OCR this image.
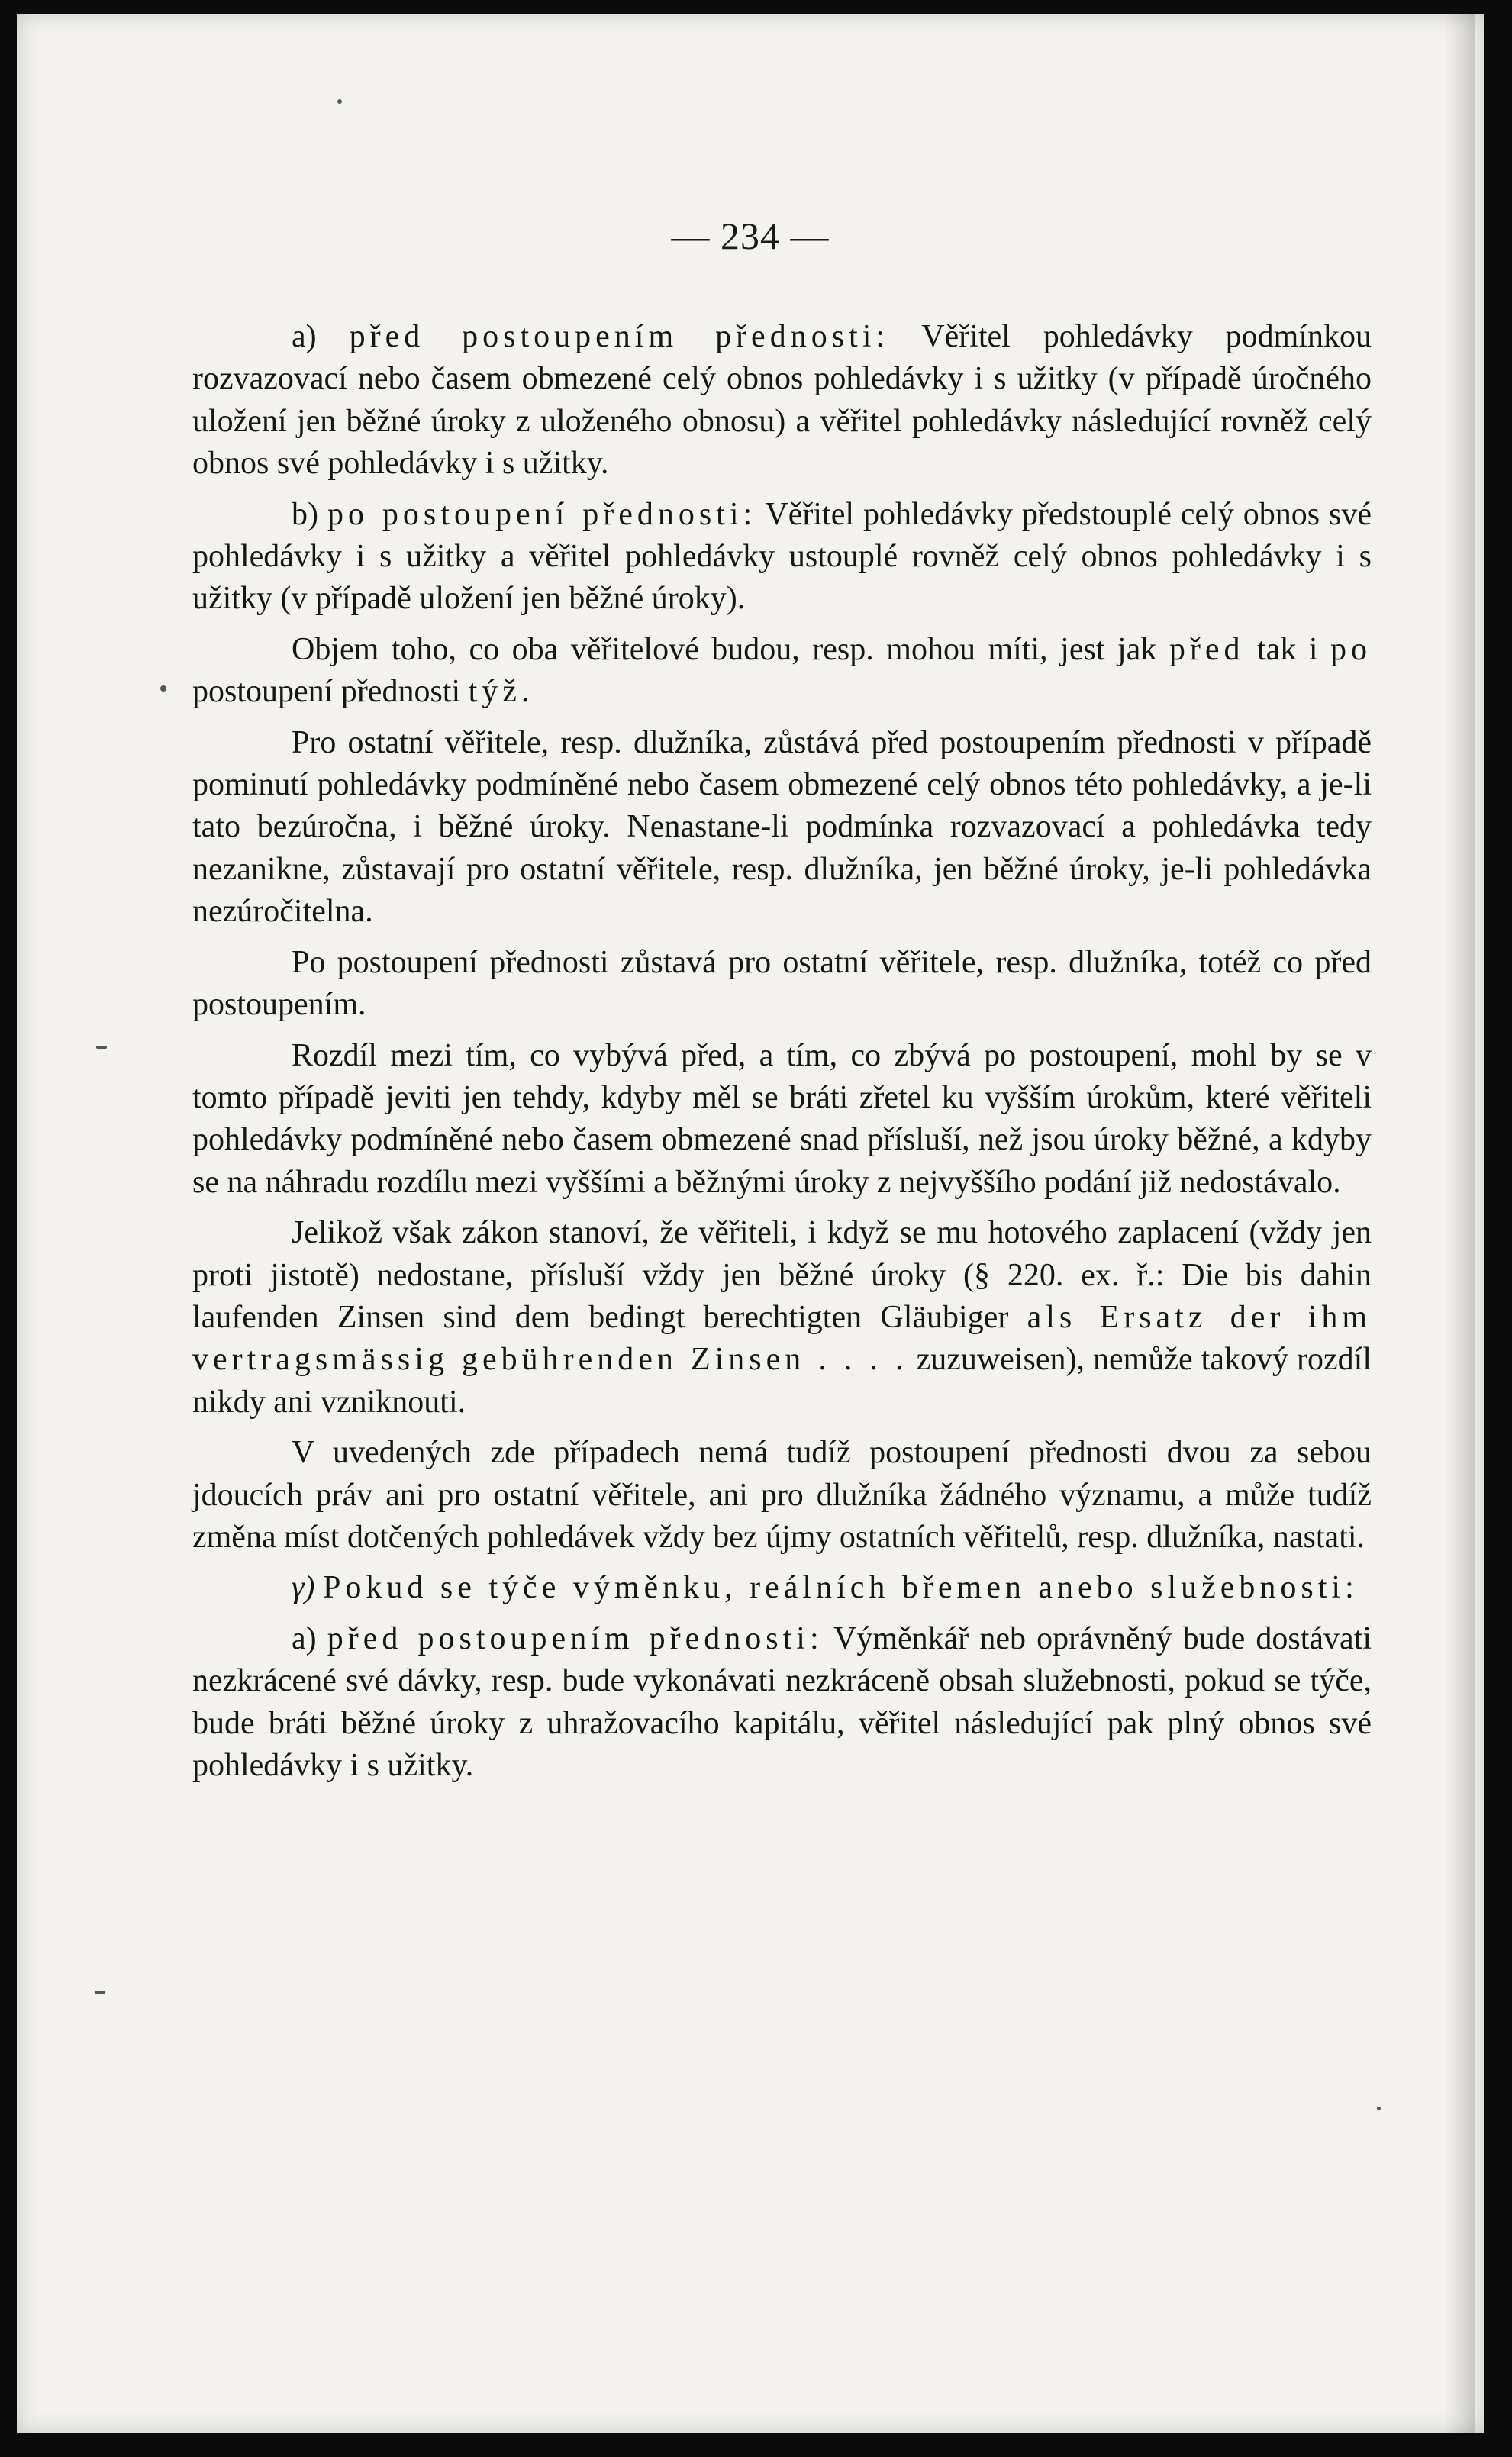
— 234 —

a) před postoupením přednosti: Věřitel pohledávky podmínkou rozvazovací nebo časem obmezené celý obnos pohledávky i s užitky (v případě úročného uložení jen běžné úroky z uloženého obnosu) a věřitel pohledávky následující rovněž celý obnos své pohledávky i s užitky.

b) po postoupení přednosti: Věřitel pohledávky předstouplé celý obnos své pohledávky i s užitky a věřitel pohledávky ustouplé rovněž celý obnos pohledávky i s užitky (v případě uložení jen běžné úroky).

Objem toho, co oba věřitelové budou, resp. mohou míti, jest jak před tak i po postoupení přednosti týž.

Pro ostatní věřitele, resp. dlužníka, zůstává před postoupením přednosti v případě pominutí pohledávky podmíněné nebo časem obmezené celý obnos této pohledávky, a je-li tato bezúročna, i běžné úroky. Nenastane-li podmínka rozvazovací a pohledávka tedy nezanikne, zůstavají pro ostatní věřitele, resp. dlužníka, jen běžné úroky, je-li pohledávka nezúročitelna.

Po postoupení přednosti zůstavá pro ostatní věřitele, resp. dlužníka, totéž co před postoupením.

Rozdíl mezi tím, co vybývá před, a tím, co zbývá po postoupení, mohl by se v tomto případě jeviti jen tehdy, kdyby měl se bráti zřetel ku vyšším úrokům, které věřiteli pohledávky podmíněné nebo časem obmezené snad přísluší, než jsou úroky běžné, a kdyby se na náhradu rozdílu mezi vyššími a běžnými úroky z nejvyššího podání již nedostávalo.

Jelikož však zákon stanoví, že věřiteli, i když se mu hotového zaplacení (vždy jen proti jistotě) nedostane, přísluší vždy jen běžné úroky (§ 220. ex. ř.: Die bis dahin laufenden Zinsen sind dem bedingt berechtigten Gläubiger als Ersatz der ihm vertragsmässig gebührenden Zinsen . . . . zuzuweisen), nemůže takový rozdíl nikdy ani vzniknouti.

V uvedených zde případech nemá tudíž postoupení přednosti dvou za sebou jdoucích práv ani pro ostatní věřitele, ani pro dlužníka žádného významu, a může tudíž změna míst dotčených pohledávek vždy bez újmy ostatních věřitelů, resp. dlužníka, nastati.

γ) Pokud se týče výměnku, reálních břemen anebo služebnosti:

a) před postoupením přednosti: Výměnkář neb oprávněný bude dostávati nezkrácené své dávky, resp. bude vykonávati nezkráceně obsah služebnosti, pokud se týče, bude bráti běžné úroky z uhražovacího kapitálu, věřitel následující pak plný obnos své pohledávky i s užitky.
